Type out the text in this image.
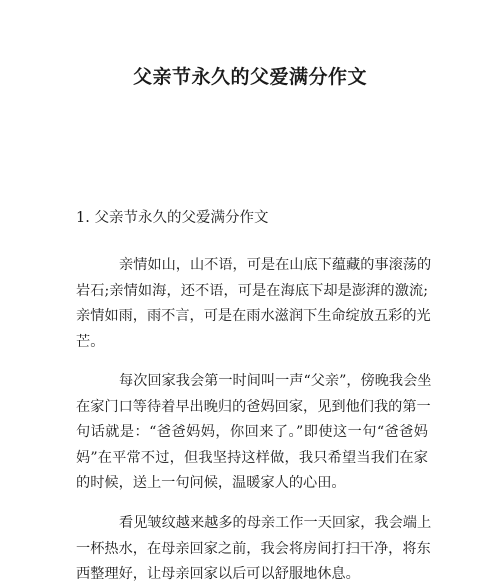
父亲节永久的父爱满分作文
1. 父亲节永久的父爱满分作文
亲情如山，山不语，可是在山底下蕴藏的事滚荡的
岩石;亲情如海，还不语，可是在海底下却是澎湃的激流;
亲情如雨，雨不言，可是在雨水滋润下生命绽放五彩的光
芒。
每次回家我会第一时间叫一声“父亲”，傍晚我会坐
在家门口等待着早出晚归的爸妈回家，见到他们我的第一
句话就是：“爸爸妈妈，你回来了。”即使这一句“爸爸妈
妈”在平常不过，但我坚持这样做，我只希望当我们在家
的时候，送上一句问候，温暖家人的心田。
看见皱纹越来越多的母亲工作一天回家，我会端上
一杯热水，在母亲回家之前，我会将房间打扫干净，将东
西整理好，让母亲回家以后可以舒服地休息。
